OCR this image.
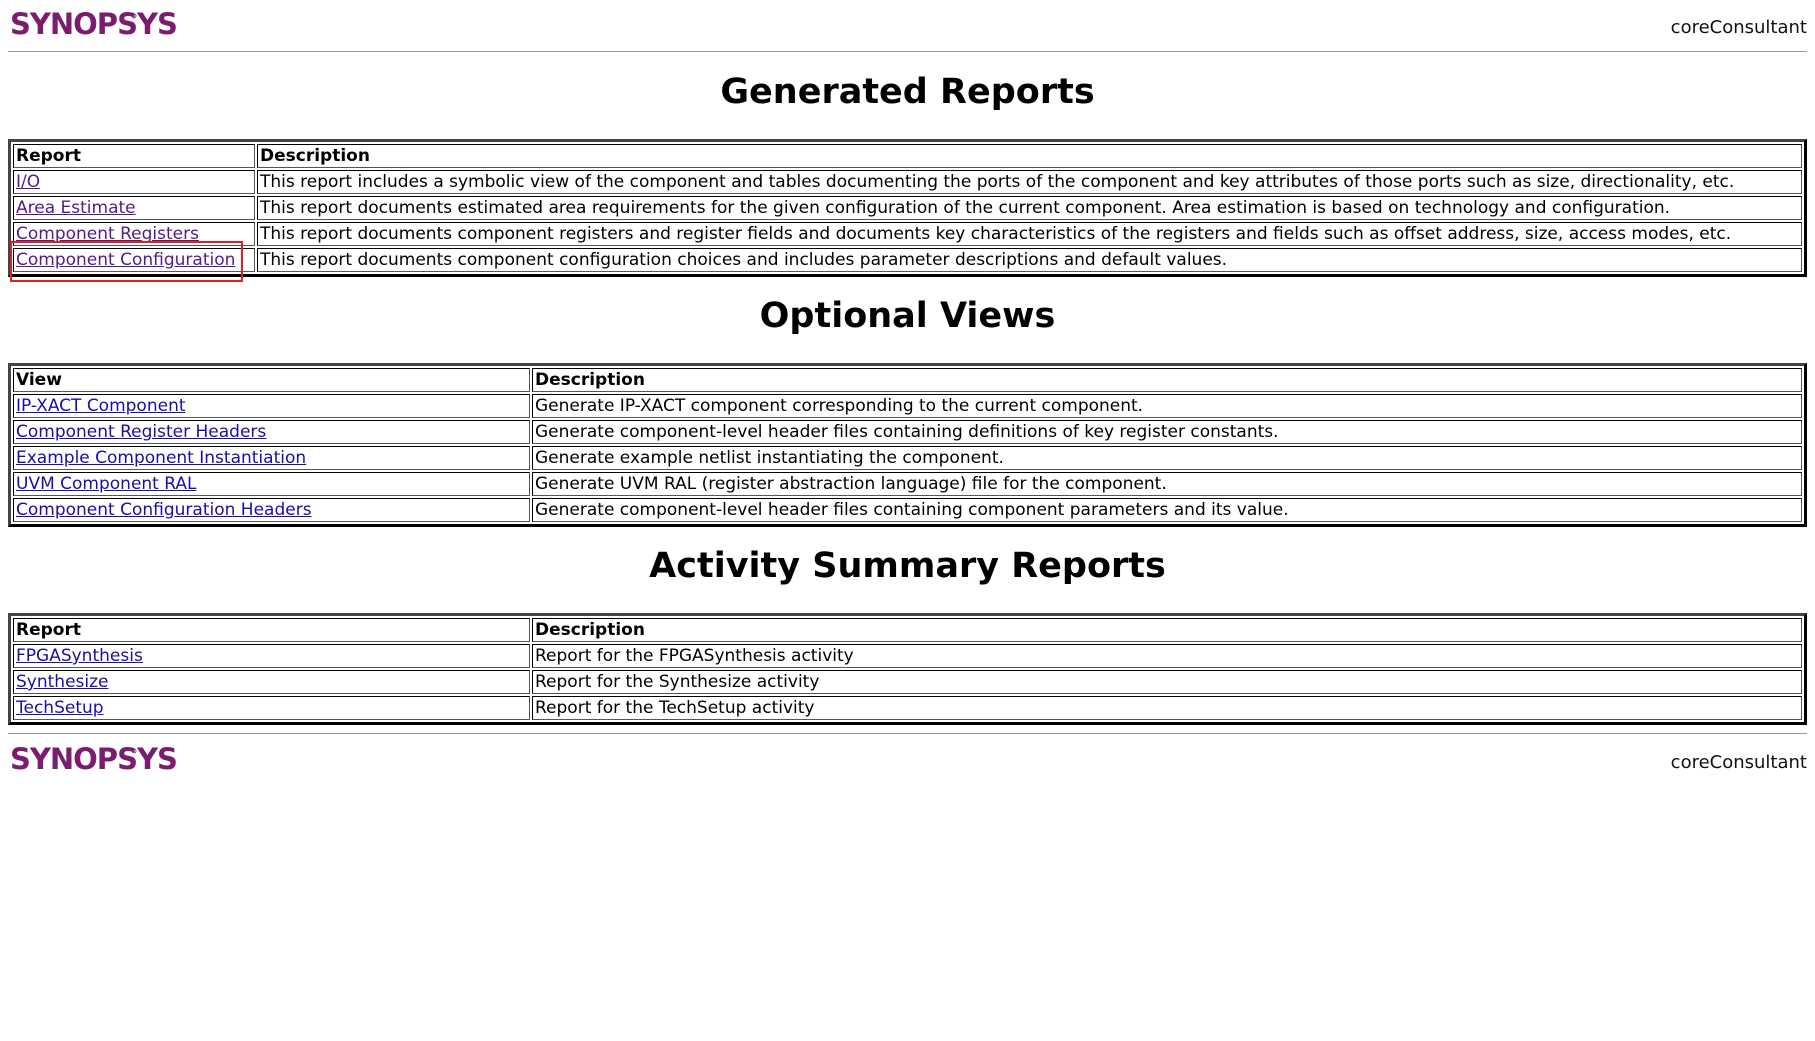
SYNOPSYS	coreConsultant
Generated Reports
Report	Description
I/O	This report includes a symbolic view of the component and tables documenting the ports of the component and key attributes of those ports such as size, directionality, etc.
Area Estimate	This report documents estimated area requirements for the given configuration of the current component. Area estimation is based on technology and configuration.
Component Registers	This report documents component registers and register fields and documents key characteristics of the registers and fields such as offset address, size, access modes, etc.
Component Configuration	This report documents component configuration choices and includes parameter descriptions and default values.
Optional Views
View	Description
IP-XACT Component	Generate IP-XACT component corresponding to the current component.
Component Register Headers	Generate component-level header files containing definitions of key register constants.
Example Component Instantiation	Generate example netlist instantiating the component.
UVM Component RAL	Generate UVM RAL (register abstraction language) file for the component.
Component Configuration Headers	Generate component-level header files containing component parameters and its value.
Activity Summary Reports
Report	Description
FPGASynthesis	Report for the FPGASynthesis activity
Synthesize	Report for the Synthesize activity
TechSetup	Report for the TechSetup activity
SYNOPSYS	coreConsultant
